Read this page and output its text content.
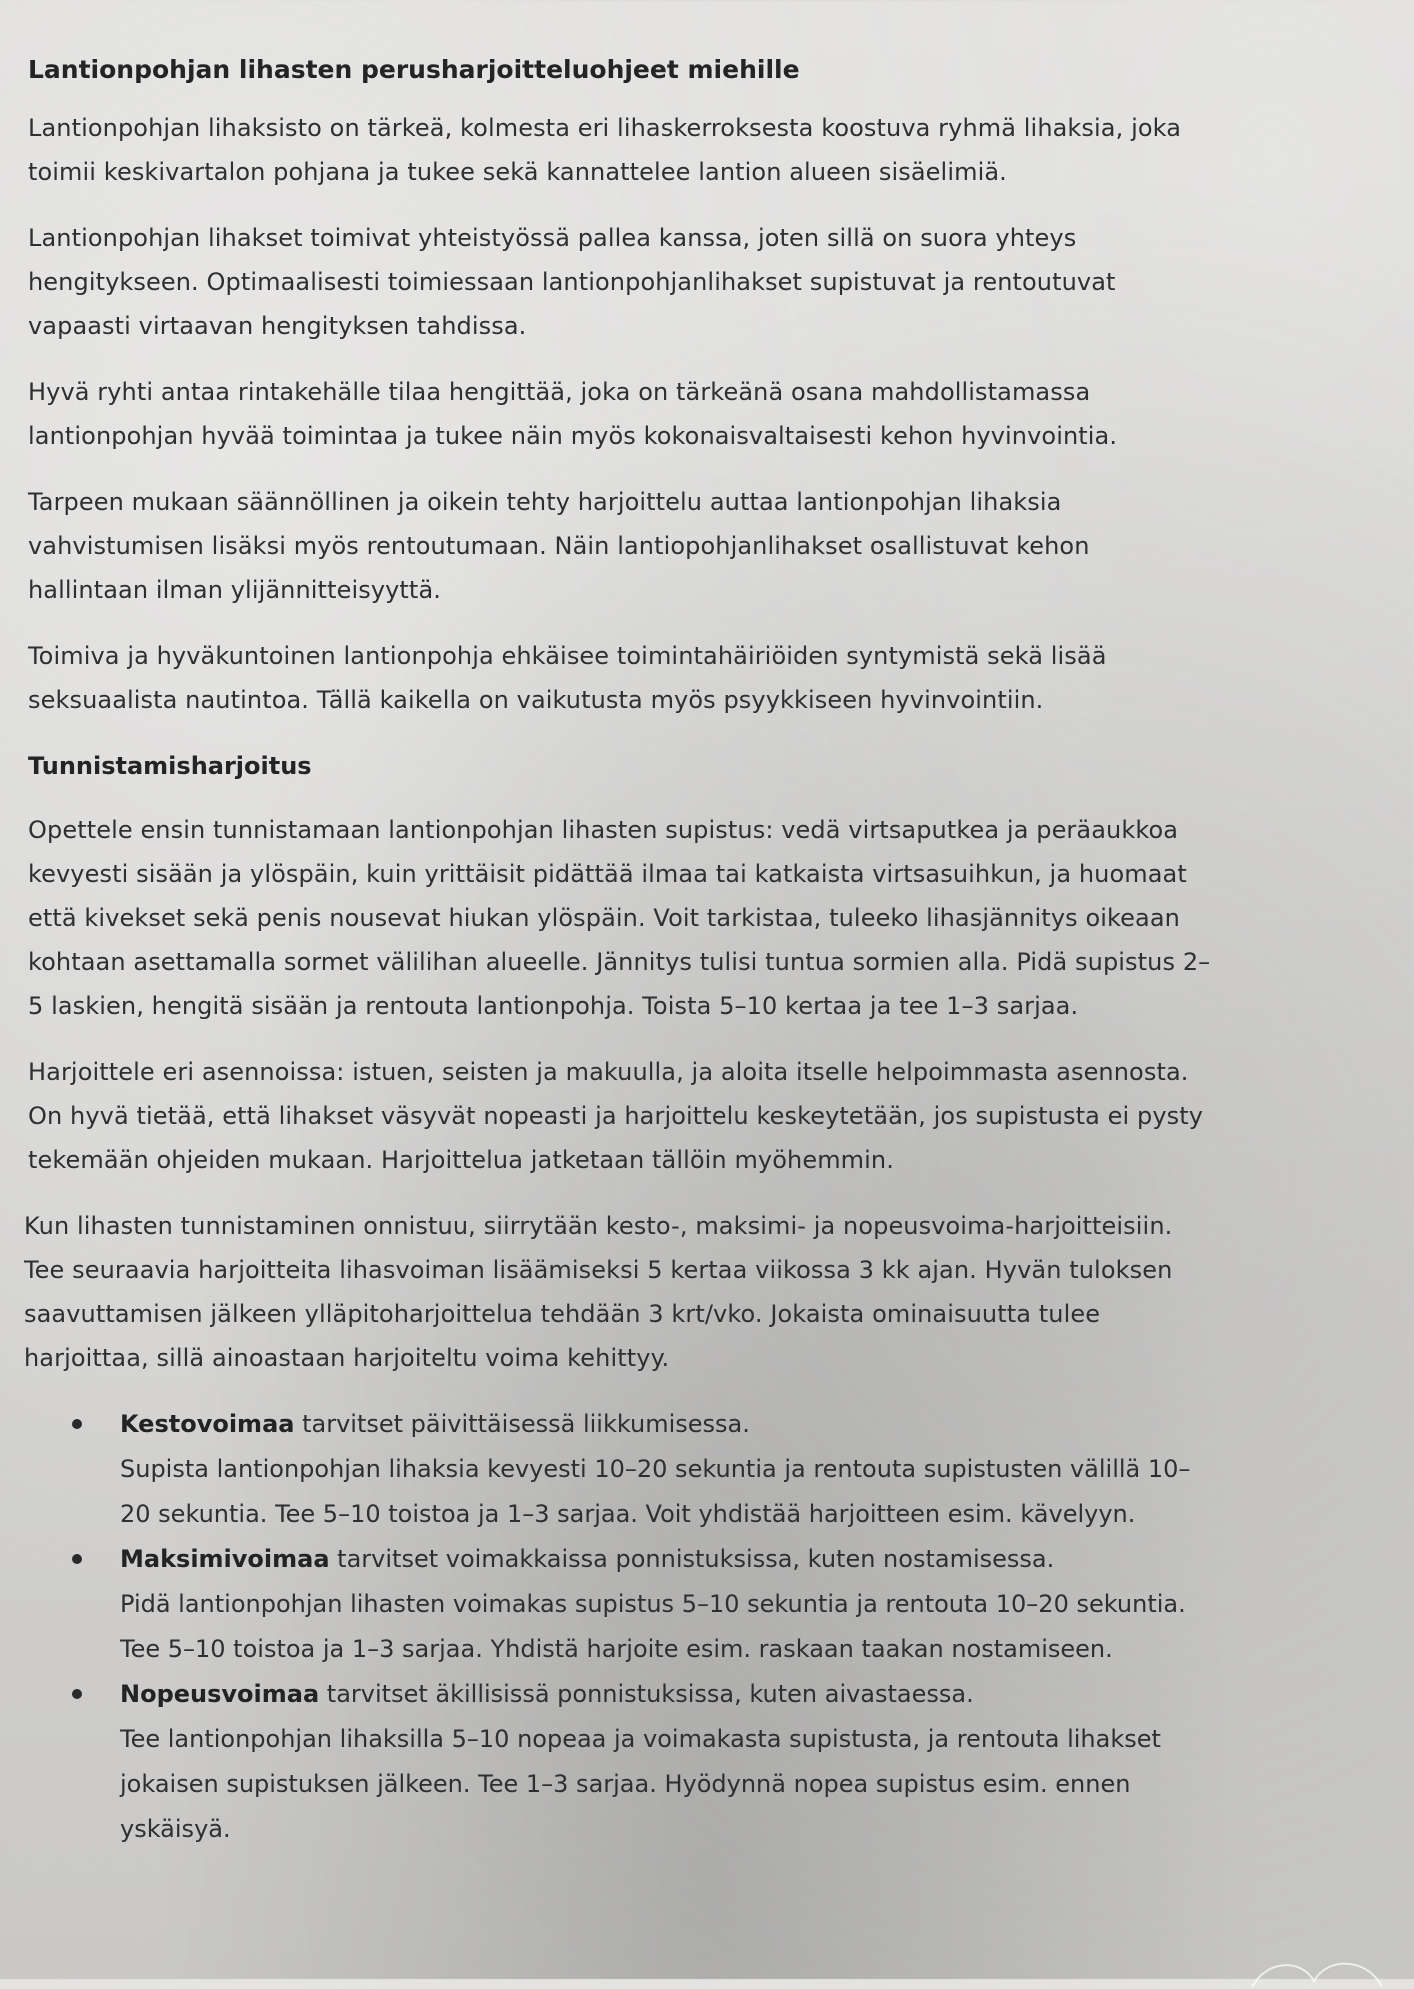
Lantionpohjan lihasten perusharjoitteluohjeet miehille
Lantionpohjan lihaksisto on tärkeä, kolmesta eri lihaskerroksesta koostuva ryhmä lihaksia, joka
toimii keskivartalon pohjana ja tukee sekä kannattelee lantion alueen sisäelimiä.
Lantionpohjan lihakset toimivat yhteistyössä pallea kanssa, joten sillä on suora yhteys
hengitykseen. Optimaalisesti toimiessaan lantionpohjanlihakset supistuvat ja rentoutuvat
vapaasti virtaavan hengityksen tahdissa.
Hyvä ryhti antaa rintakehälle tilaa hengittää, joka on tärkeänä osana mahdollistamassa
lantionpohjan hyvää toimintaa ja tukee näin myös kokonaisvaltaisesti kehon hyvinvointia.
Tarpeen mukaan säännöllinen ja oikein tehty harjoittelu auttaa lantionpohjan lihaksia
vahvistumisen lisäksi myös rentoutumaan. Näin lantiopohjanlihakset osallistuvat kehon
hallintaan ilman ylijännitteisyyttä.
Toimiva ja hyväkuntoinen lantionpohja ehkäisee toimintahäiriöiden syntymistä sekä lisää
seksuaalista nautintoa. Tällä kaikella on vaikutusta myös psyykkiseen hyvinvointiin.
Tunnistamisharjoitus
Opettele ensin tunnistamaan lantionpohjan lihasten supistus: vedä virtsaputkea ja peräaukkoa
kevyesti sisään ja ylöspäin, kuin yrittäisit pidättää ilmaa tai katkaista virtsasuihkun, ja huomaat
että kivekset sekä penis nousevat hiukan ylöspäin. Voit tarkistaa, tuleeko lihasjännitys oikeaan
kohtaan asettamalla sormet välilihan alueelle. Jännitys tulisi tuntua sormien alla. Pidä supistus 2–
5 laskien, hengitä sisään ja rentouta lantionpohja. Toista 5–10 kertaa ja tee 1–3 sarjaa.
Harjoittele eri asennoissa: istuen, seisten ja makuulla, ja aloita itselle helpoimmasta asennosta.
On hyvä tietää, että lihakset väsyvät nopeasti ja harjoittelu keskeytetään, jos supistusta ei pysty
tekemään ohjeiden mukaan. Harjoittelua jatketaan tällöin myöhemmin.
Kun lihasten tunnistaminen onnistuu, siirrytään kesto-, maksimi- ja nopeusvoima-harjoitteisiin.
Tee seuraavia harjoitteita lihasvoiman lisäämiseksi 5 kertaa viikossa 3 kk ajan. Hyvän tuloksen
saavuttamisen jälkeen ylläpitoharjoittelua tehdään 3 krt/vko. Jokaista ominaisuutta tulee
harjoittaa, sillä ainoastaan harjoiteltu voima kehittyy.
Kestovoimaa tarvitset päivittäisessä liikkumisessa.
Supista lantionpohjan lihaksia kevyesti 10–20 sekuntia ja rentouta supistusten välillä 10–
20 sekuntia. Tee 5–10 toistoa ja 1–3 sarjaa. Voit yhdistää harjoitteen esim. kävelyyn.
Maksimivoimaa tarvitset voimakkaissa ponnistuksissa, kuten nostamisessa.
Pidä lantionpohjan lihasten voimakas supistus 5–10 sekuntia ja rentouta 10–20 sekuntia.
Tee 5–10 toistoa ja 1–3 sarjaa. Yhdistä harjoite esim. raskaan taakan nostamiseen.
Nopeusvoimaa tarvitset äkillisissä ponnistuksissa, kuten aivastaessa.
Tee lantionpohjan lihaksilla 5–10 nopeaa ja voimakasta supistusta, ja rentouta lihakset
jokaisen supistuksen jälkeen. Tee 1–3 sarjaa. Hyödynnä nopea supistus esim. ennen
yskäisyä.
